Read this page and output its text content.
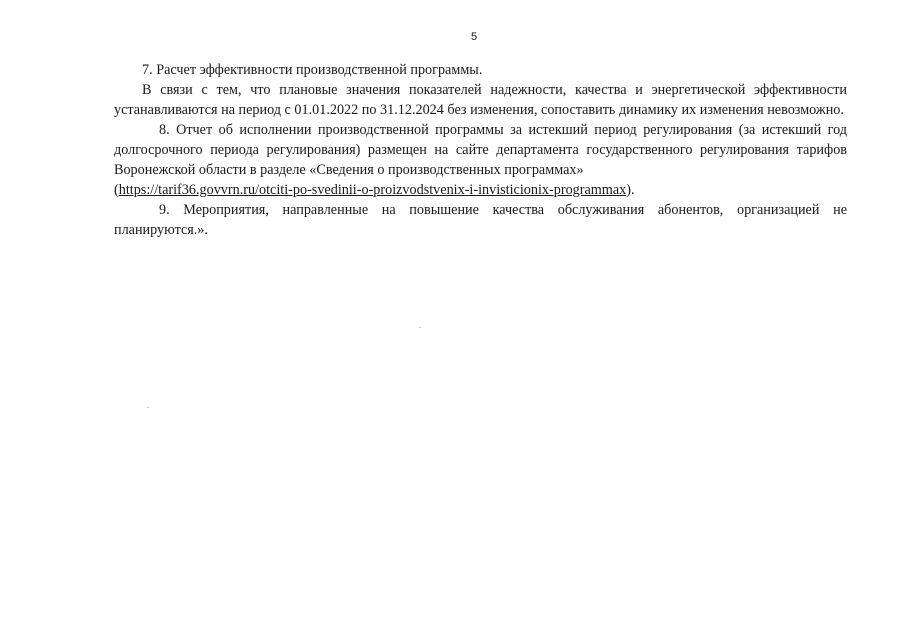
5

7. Расчет эффективности производственной программы.

В связи с тем, что плановые значения показателей надежности, качества и энергетической эффективности устанавливаются на период с 01.01.2022 по 31.12.2024 без изменения, сопоставить динамику их изменения невозможно.

8. Отчет об исполнении производственной программы за истекший период регулирования (за истекший год долгосрочного периода регулирования) размещен на сайте департамента государственного регулирования тарифов Воронежской области в разделе «Сведения о производственных программах»
(https://tarif36.govvrn.ru/otciti-po-svedinii-o-proizvodstvenix-i-invisticionix-programmax).

9. Мероприятия, направленные на повышение качества обслуживания абонентов, организацией не планируются.».
